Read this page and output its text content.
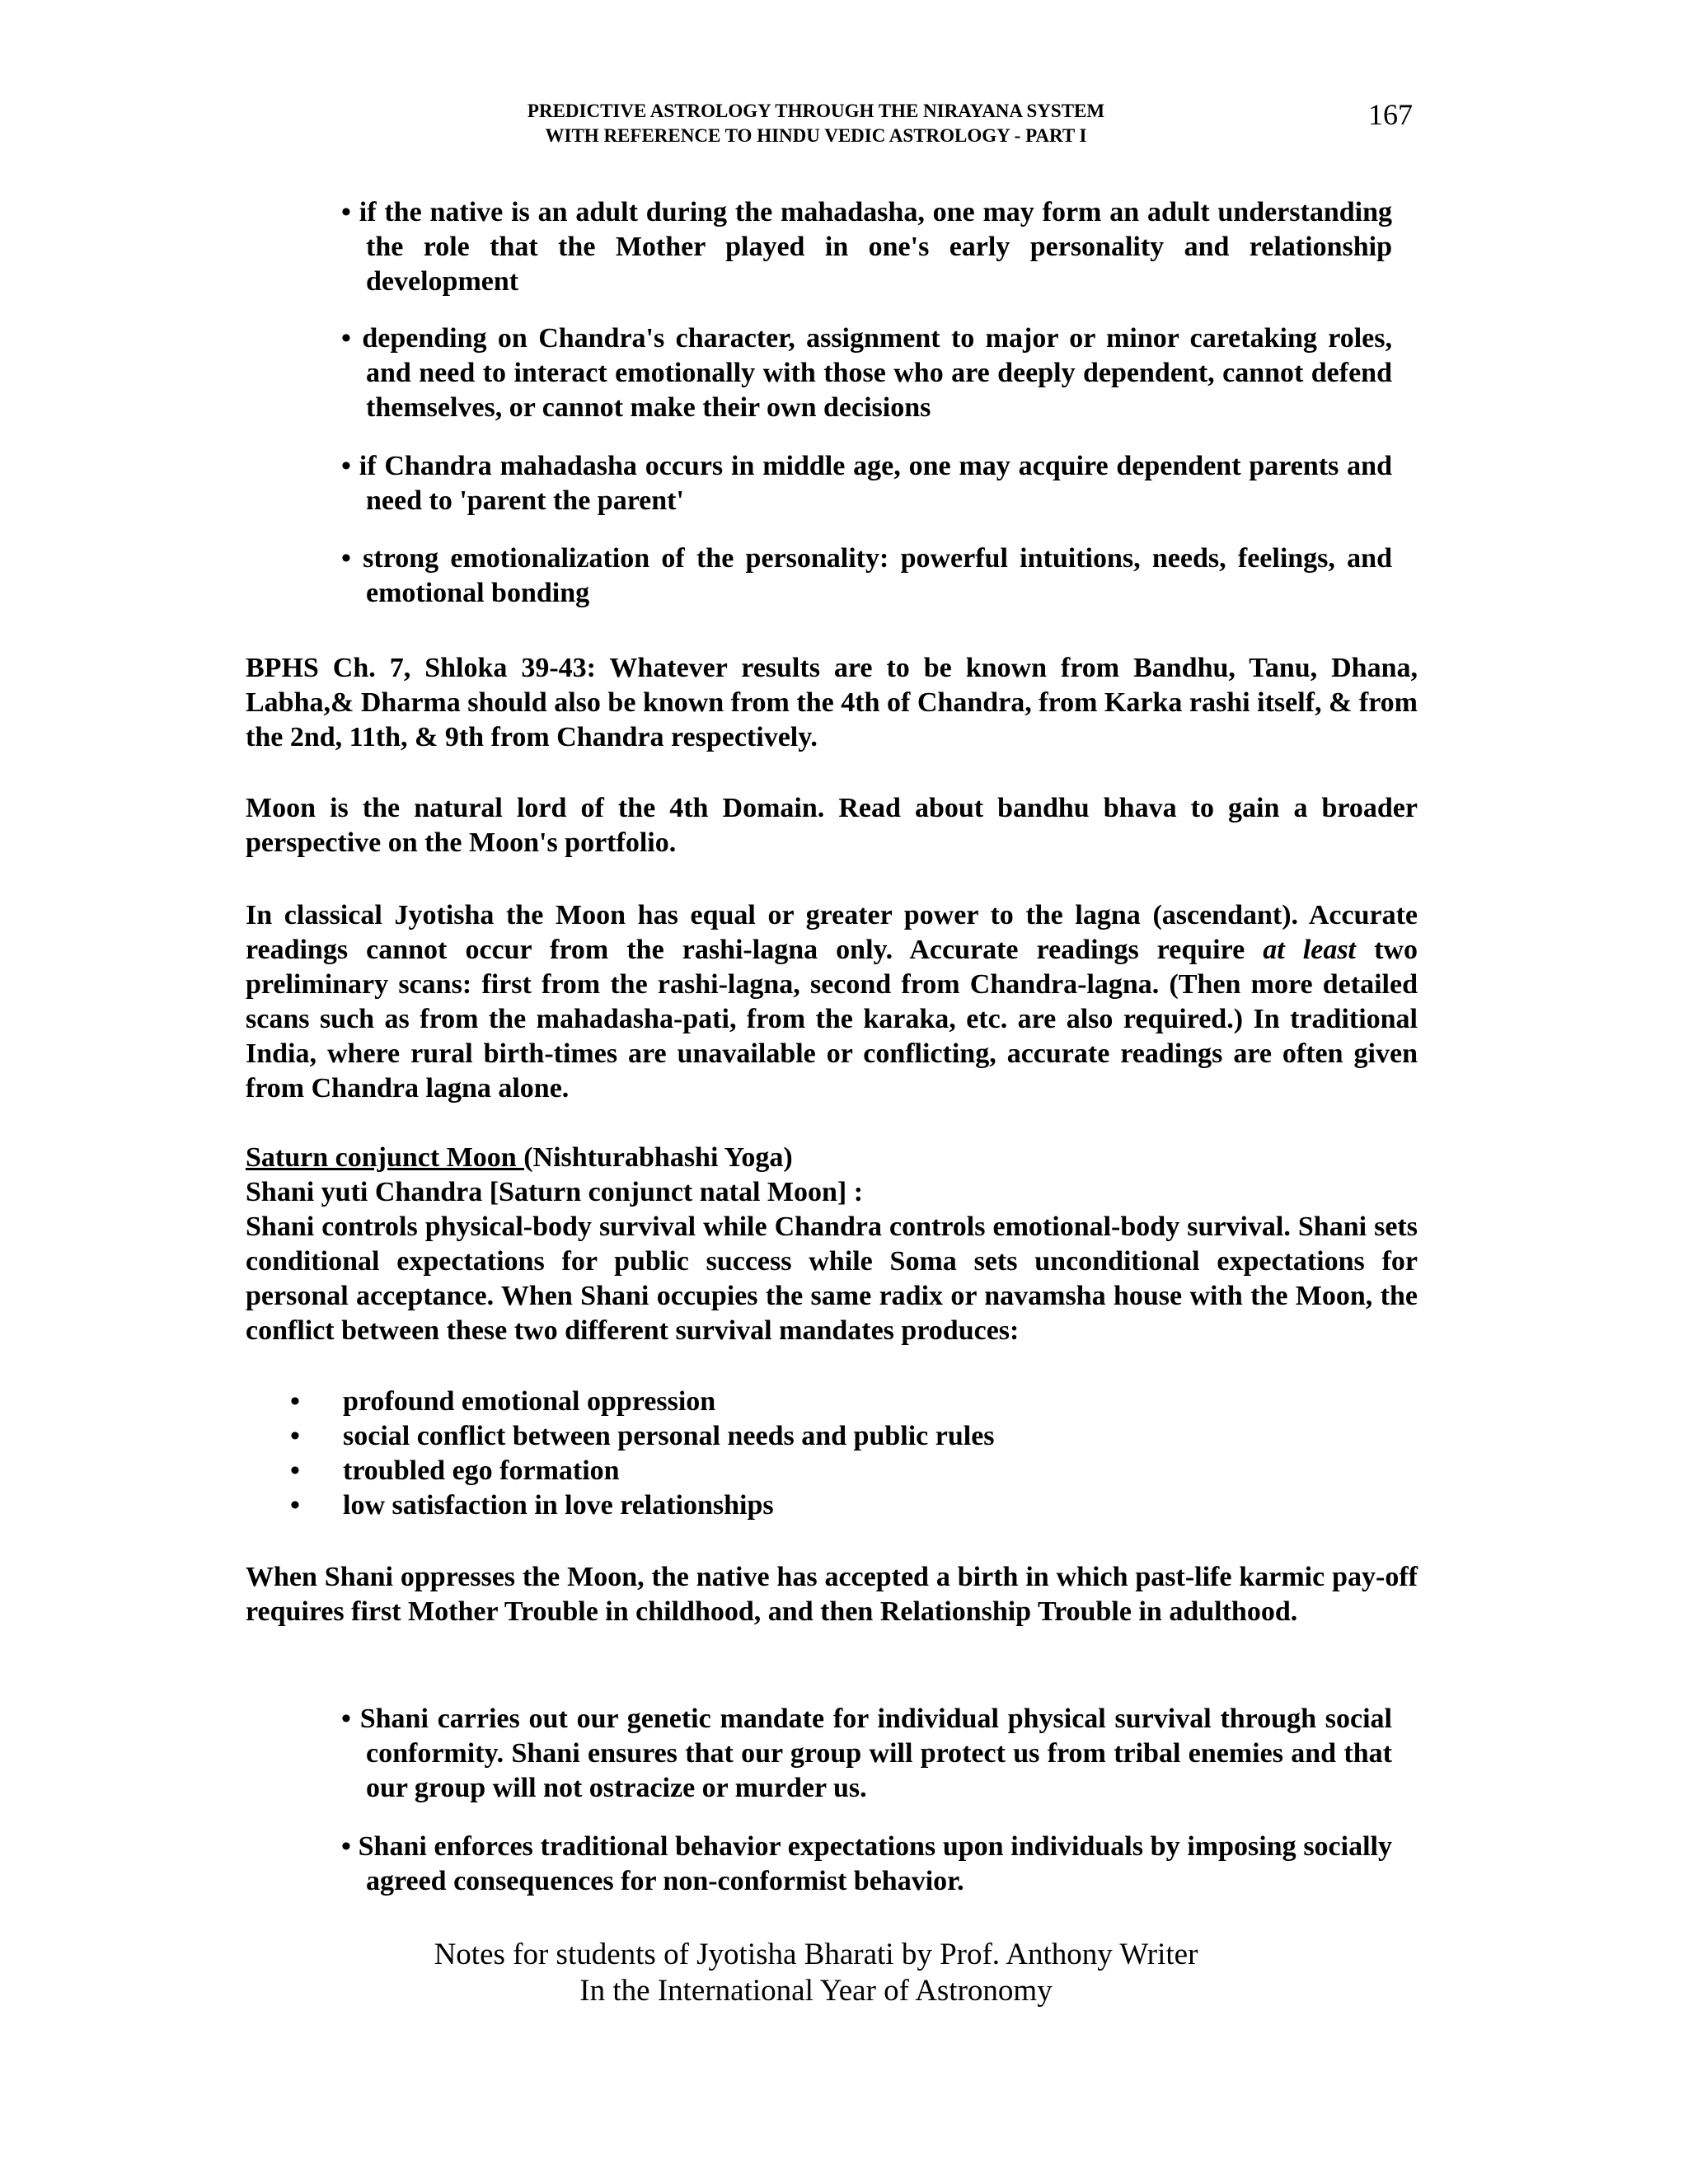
PREDICTIVE ASTROLOGY THROUGH THE NIRAYANA SYSTEM
WITH REFERENCE TO HINDU VEDIC ASTROLOGY - PART I
167

• if the native is an adult during the mahadasha, one may form an adult understanding the role that the Mother played in one's early personality and relationship development

• depending on Chandra's character, assignment to major or minor caretaking roles, and need to interact emotionally with those who are deeply dependent, cannot defend themselves, or cannot make their own decisions

• if Chandra mahadasha occurs in middle age, one may acquire dependent parents and need to 'parent the parent'

• strong emotionalization of the personality: powerful intuitions, needs, feelings, and emotional bonding

BPHS Ch. 7, Shloka 39-43: Whatever results are to be known from Bandhu, Tanu, Dhana, Labha,& Dharma should also be known from the 4th of Chandra, from Karka rashi itself, & from the 2nd, 11th, & 9th from Chandra respectively.
Moon is the natural lord of the 4th Domain. Read about bandhu bhava to gain a broader perspective on the Moon's portfolio.
In classical Jyotisha the Moon has equal or greater power to the lagna (ascendant). Accurate readings cannot occur from the rashi-lagna only. Accurate readings require at least two preliminary scans: first from the rashi-lagna, second from Chandra-lagna. (Then more detailed scans such as from the mahadasha-pati, from the karaka, etc. are also required.) In traditional India, where rural birth-times are unavailable or conflicting, accurate readings are often given from Chandra lagna alone.
Saturn conjunct Moon (Nishturabhashi Yoga)
Shani yuti Chandra [Saturn conjunct natal Moon] :
Shani controls physical-body survival while Chandra controls emotional-body survival. Shani sets conditional expectations for public success while Soma sets unconditional expectations for personal acceptance. When Shani occupies the same radix or navamsha house with the Moon, the conflict between these two different survival mandates produces:
• profound emotional oppression
• social conflict between personal needs and public rules
• troubled ego formation
• low satisfaction in love relationships
When Shani oppresses the Moon, the native has accepted a birth in which past-life karmic pay-off requires first Mother Trouble in childhood, and then Relationship Trouble in adulthood.

• Shani carries out our genetic mandate for individual physical survival through social conformity. Shani ensures that our group will protect us from tribal enemies and that our group will not ostracize or murder us.

• Shani enforces traditional behavior expectations upon individuals by imposing socially agreed consequences for non-conformist behavior.

Notes for students of Jyotisha Bharati by Prof. Anthony Writer
In the International Year of Astronomy
